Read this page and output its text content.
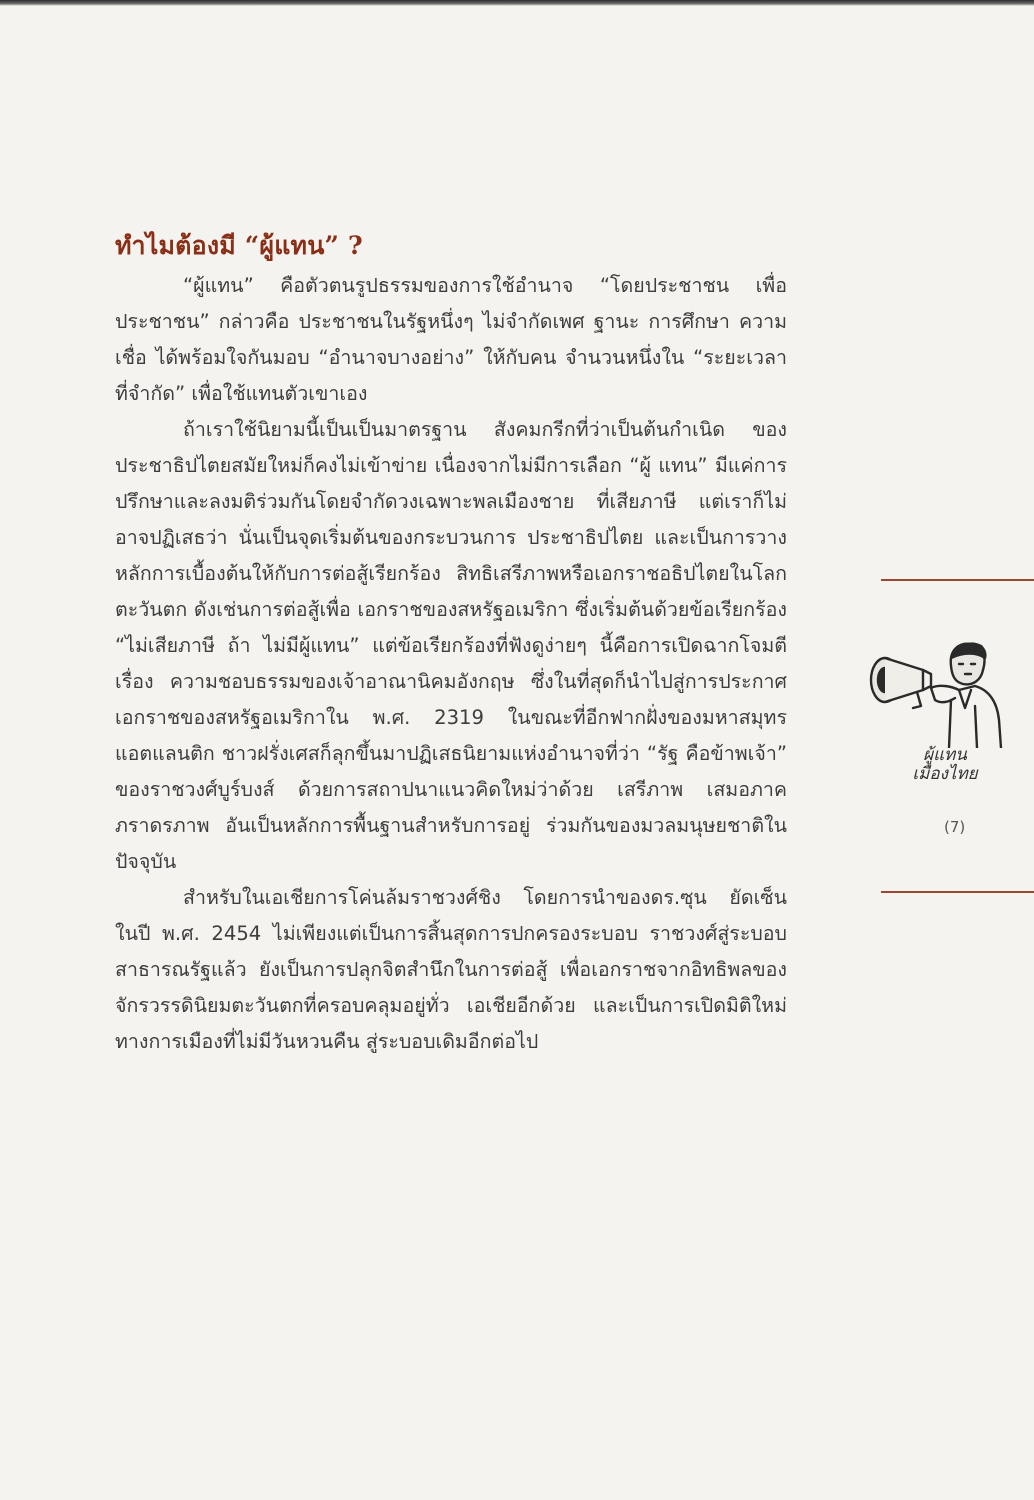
ทำไมต้องมี “ผู้แทน” ?

“ผู้แทน” คือตัวตนรูปธรรมของการใช้อำนาจ “โดยประชาชน เพื่อประชาชน” กล่าวคือ ประชาชนในรัฐหนึ่งๆ ไม่จำกัดเพศ ฐานะ การศึกษา ความเชื่อ ได้พร้อมใจกันมอบ “อำนาจบางอย่าง” ให้กับคน จำนวนหนึ่งใน “ระยะเวลาที่จำกัด” เพื่อใช้แทนตัวเขาเอง

ถ้าเราใช้นิยามนี้เป็นเป็นมาตรฐาน สังคมกรีกที่ว่าเป็นต้นกำเนิด ของประชาธิปไตยสมัยใหม่ก็คงไม่เข้าข่าย เนื่องจากไม่มีการเลือก “ผู้ แทน” มีแค่การปรึกษาและลงมติร่วมกันโดยจำกัดวงเฉพาะพลเมืองชาย ที่เสียภาษี แต่เราก็ไม่อาจปฏิเสธว่า นั่นเป็นจุดเริ่มต้นของกระบวนการ ประชาธิปไตย และเป็นการวางหลักการเบื้องต้นให้กับการต่อสู้เรียกร้อง สิทธิเสรีภาพหรือเอกราชอธิปไตยในโลกตะวันตก ดังเช่นการต่อสู้เพื่อ เอกราชของสหรัฐอเมริกา ซึ่งเริ่มต้นด้วยข้อเรียกร้อง “ไม่เสียภาษี ถ้า ไม่มีผู้แทน” แต่ข้อเรียกร้องที่ฟังดูง่ายๆ นี้คือการเปิดฉากโจมตีเรื่อง ความชอบธรรมของเจ้าอาณานิคมอังกฤษ ซึ่งในที่สุดก็นำไปสู่การประกาศ เอกราชของสหรัฐอเมริกาใน พ.ศ. 2319 ในขณะที่อีกฟากฝั่งของมหาสมุทร แอตแลนติก ชาวฝรั่งเศสก็ลุกขึ้นมาปฏิเสธนิยามแห่งอำนาจที่ว่า “รัฐ คือข้าพเจ้า” ของราชวงศ์บูร์บงส์ ด้วยการสถาปนาแนวคิดใหม่ว่าด้วย เสรีภาพ เสมอภาค ภราดรภาพ อันเป็นหลักการพื้นฐานสำหรับการอยู่ ร่วมกันของมวลมนุษยชาติในปัจจุบัน

สำหรับในเอเชียการโค่นล้มราชวงศ์ชิง โดยการนำของดร.ซุน ยัดเซ็น ในปี พ.ศ. 2454 ไม่เพียงแต่เป็นการสิ้นสุดการปกครองระบอบ ราชวงศ์สู่ระบอบสาธารณรัฐแล้ว ยังเป็นการปลุกจิตสำนึกในการต่อสู้ เพื่อเอกราชจากอิทธิพลของจักรวรรดินิยมตะวันตกที่ครอบคลุมอยู่ทั่ว เอเชียอีกด้วย และเป็นการเปิดมิติใหม่ทางการเมืองที่ไม่มีวันหวนคืน สู่ระบอบเดิมอีกต่อไป

ผู้แทน
เมืองไทย
(7)
